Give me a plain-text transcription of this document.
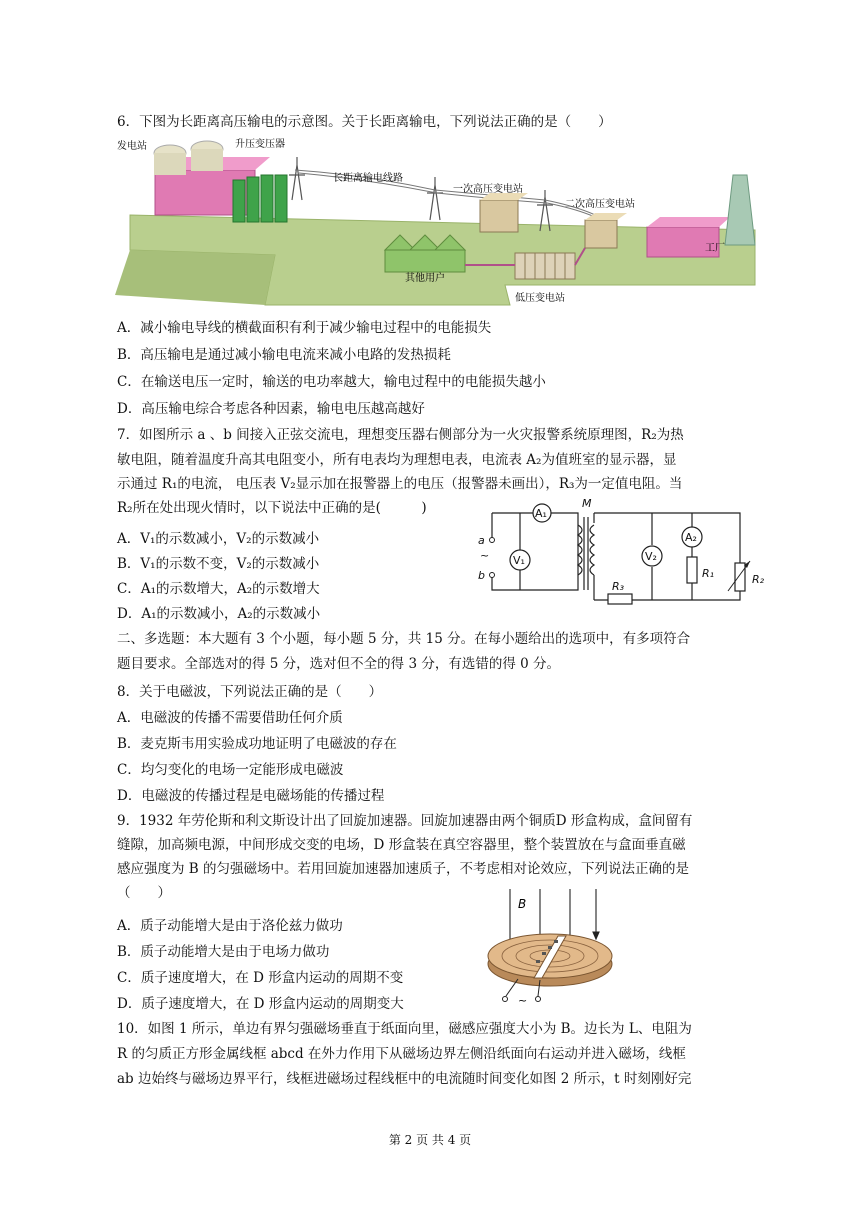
6．下图为长距离高压输电的示意图。关于长距离输电，下列说法正确的是（　　）
发电站	升压变压器
长距离输电线路
一次高压变电站
二次高压变电站
工厂
其他用户
低压变电站
A．减小输电导线的横截面积有利于减少输电过程中的电能损失
B．高压输电是通过减小输电电流来减小电路的发热损耗
C．在输送电压一定时，输送的电功率越大，输电过程中的电能损失越小
D．高压输电综合考虑各种因素，输电电压越高越好
7．如图所示 a 、b 间接入正弦交流电，理想变压器右侧部分为一火灾报警系统原理图，R₂为热
敏电阻，随着温度升高其电阻变小，所有电表均为理想电表，电流表 A₂为值班室的显示器，显
示通过 R₁的电流， 电压表 V₂显示加在报警器上的电压（报警器未画出），R₃为一定值电阻。当
R₂所在处出现火情时，以下说法中正确的是(　　　)
A．V₁的示数减小，V₂的示数减小
B．V₁的示数不变，V₂的示数减小
C．A₁的示数增大，A₂的示数增大
D．A₁的示数减小，A₂的示数减小
A₁
V₁	V₂
A₂
R₁	R₂
R₃
M
a
~
b
二、多选题：本大题有 3 个小题，每小题 5 分，共 15 分。在每小题给出的选项中，有多项符合
题目要求。全部选对的得 5 分，选对但不全的得 3 分，有选错的得 0 分。
8．关于电磁波，下列说法正确的是（　　）
A．电磁波的传播不需要借助任何介质
B．麦克斯韦用实验成功地证明了电磁波的存在
C．均匀变化的电场一定能形成电磁波
D．电磁波的传播过程是电磁场能的传播过程
9．1932 年劳伦斯和利文斯设计出了回旋加速器。回旋加速器由两个铜质D 形盒构成，盒间留有
缝隙，加高频电源，中间形成交变的电场，D 形盒装在真空容器里，整个装置放在与盒面垂直磁
感应强度为 B 的匀强磁场中。若用回旋加速器加速质子，不考虑相对论效应，下列说法正确的是
（　　）
A．质子动能增大是由于洛伦兹力做功
B．质子动能增大是由于电场力做功
C．质子速度增大，在 D 形盒内运动的周期不变
D．质子速度增大，在 D 形盒内运动的周期变大	~
B
10．如图 1 所示，单边有界匀强磁场垂直于纸面向里，磁感应强度大小为 B。边长为 L、电阻为
R 的匀质正方形金属线框 abcd 在外力作用下从磁场边界左侧沿纸面向右运动并进入磁场，线框
ab 边始终与磁场边界平行，线框进磁场过程线框中的电流随时间变化如图 2 所示，t 时刻刚好完
第 2 页 共 4 页
